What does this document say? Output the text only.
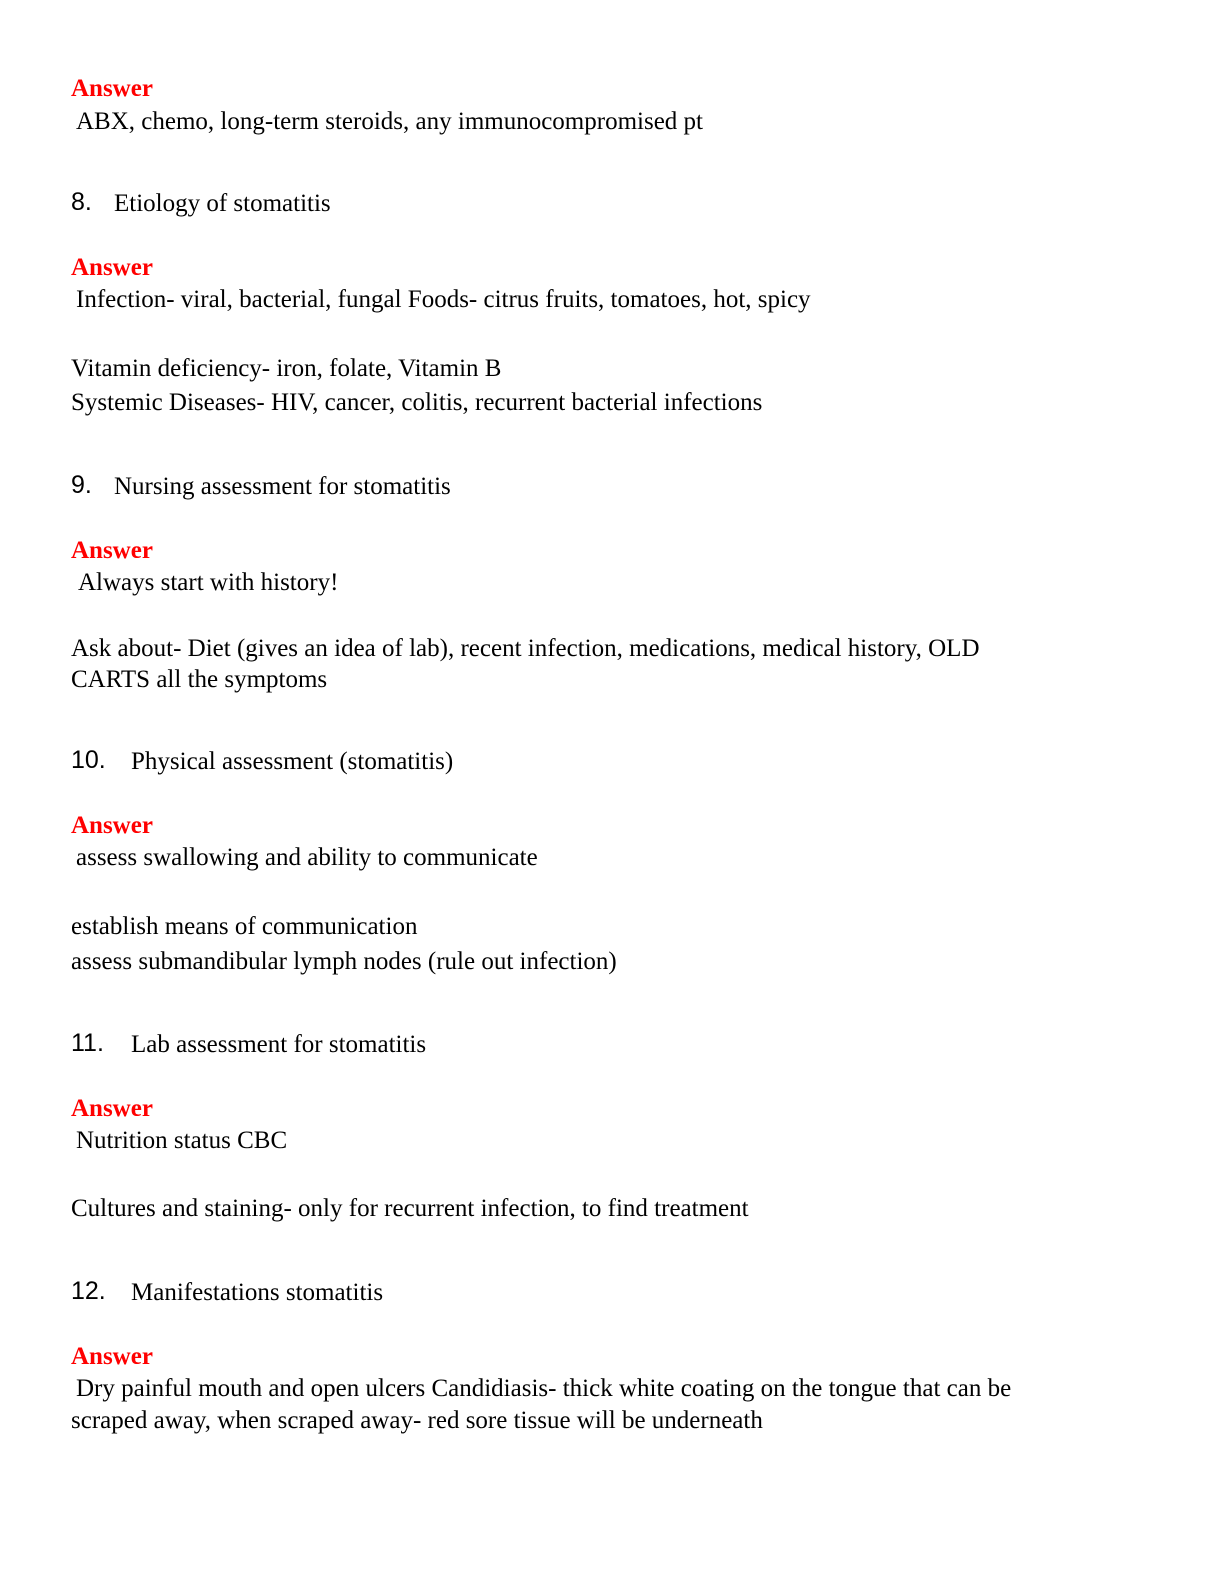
Answer
ABX, chemo, long-term steroids, any immunocompromised pt
8. Etiology of stomatitis
Answer
Infection- viral, bacterial, fungal Foods- citrus fruits, tomatoes, hot, spicy
Vitamin deficiency- iron, folate, Vitamin B
Systemic Diseases- HIV, cancer, colitis, recurrent bacterial infections
9. Nursing assessment for stomatitis
Answer
Always start with history!
Ask about- Diet (gives an idea of lab), recent infection, medications, medical history, OLD
CARTS all the symptoms
10. Physical assessment (stomatitis)
Answer
assess swallowing and ability to communicate
establish means of communication
assess submandibular lymph nodes (rule out infection)
11. Lab assessment for stomatitis
Answer
Nutrition status CBC
Cultures and staining- only for recurrent infection, to find treatment
12. Manifestations stomatitis
Answer
Dry painful mouth and open ulcers Candidiasis- thick white coating on the tongue that can be
scraped away, when scraped away- red sore tissue will be underneath
